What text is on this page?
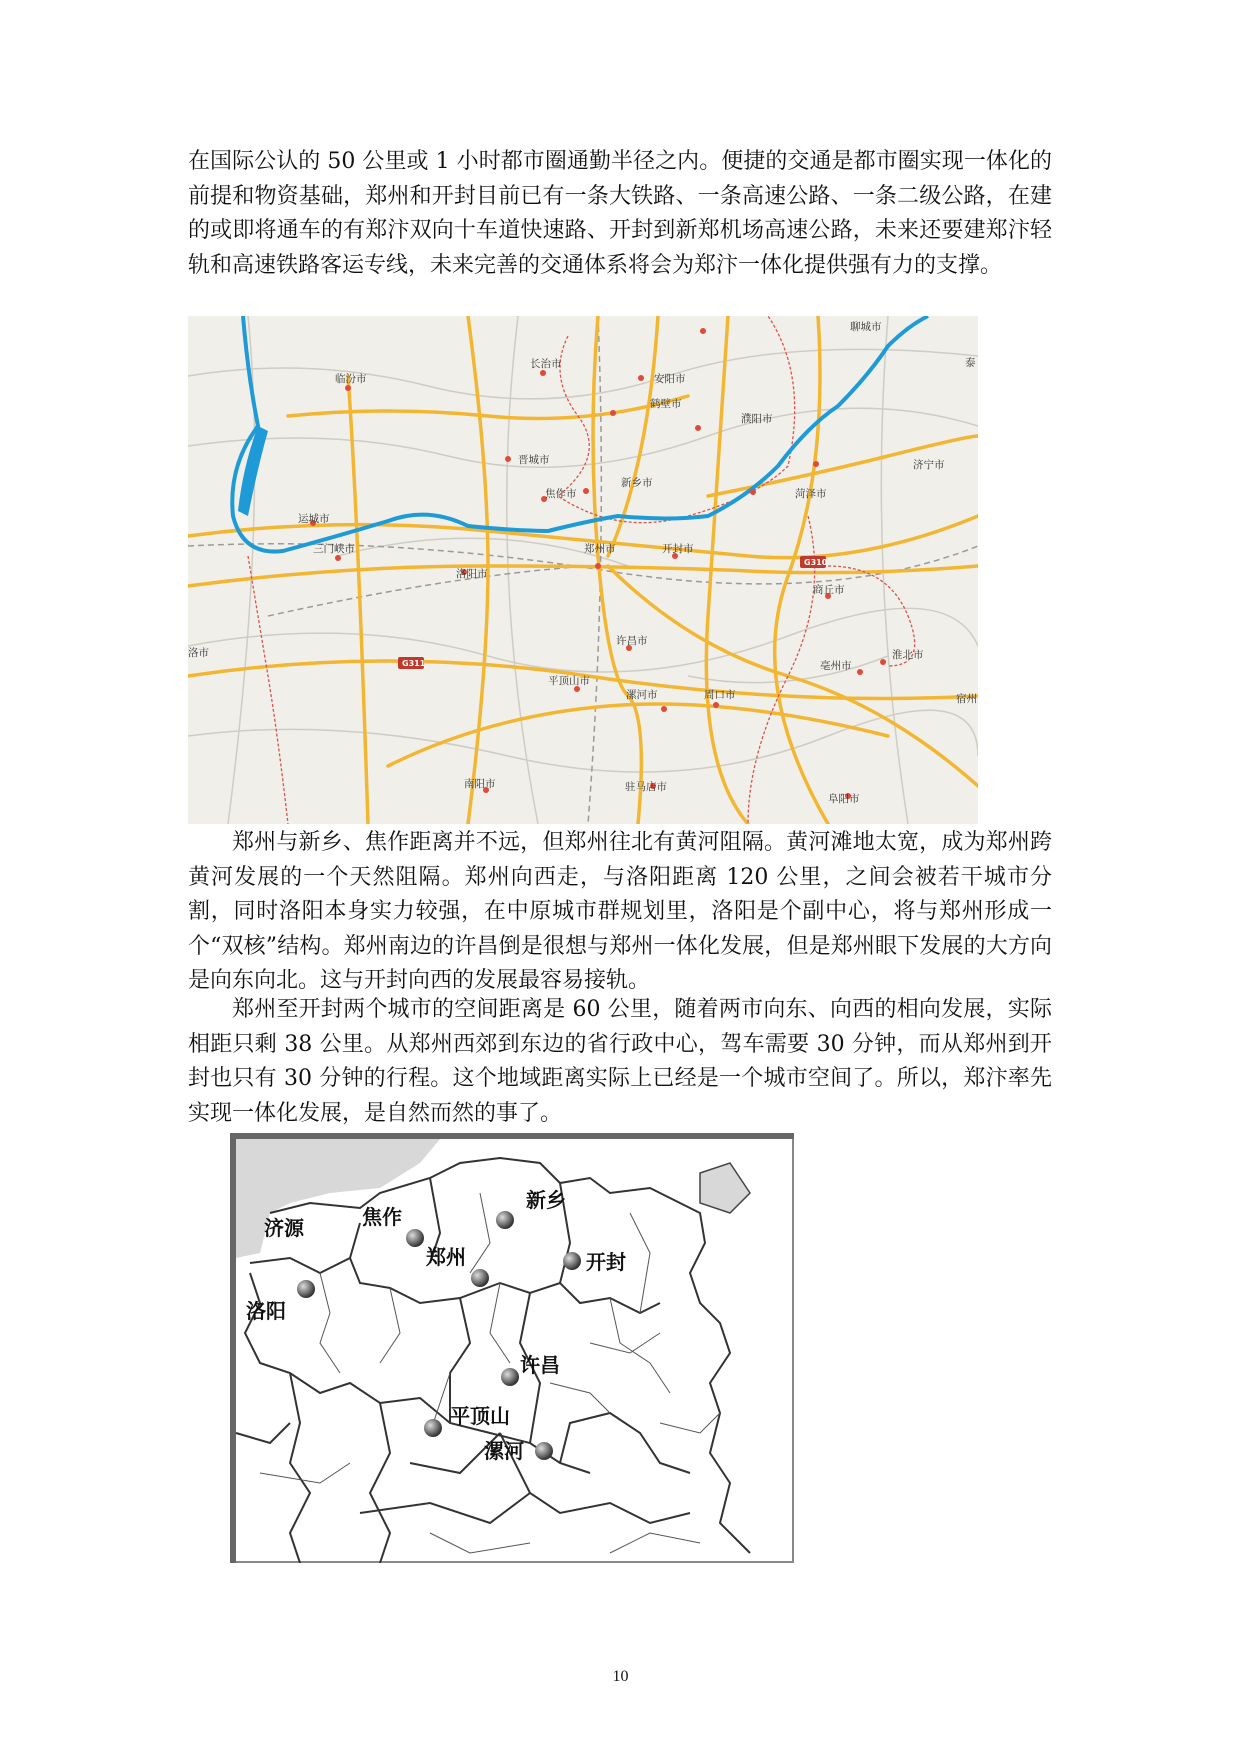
在国际公认的 50 公里或 1 小时都市圈通勤半径之内。便捷的交通是都市圈实现一体化的前提和物资基础，郑州和开封目前已有一条大铁路、一条高速公路、一条二级公路，在建的或即将通车的有郑汴双向十车道快速路、开封到新郑机场高速公路，未来还要建郑汴轻轨和高速铁路客运专线，未来完善的交通体系将会为郑汴一体化提供强有力的支撑。

G310
G311
临汾市
长治市
安阳市
聊城市
鹤壁市
濮阳市
晋城市	济宁市
新乡市
焦作市	菏泽市
运城市
三门峡市	郑州市	开封市
洛阳市
商丘市
许昌市
洛市	淮北市
亳州市
平顶山市
漯河市	周口市	宿州
南阳市	驻马店市
阜阳市
泰

郑州与新乡、焦作距离并不远，但郑州往北有黄河阻隔。黄河滩地太宽，成为郑州跨黄河发展的一个天然阻隔。郑州向西走，与洛阳距离 120 公里，之间会被若干城市分割，同时洛阳本身实力较强，在中原城市群规划里，洛阳是个副中心，将与郑州形成一个“双核”结构。郑州南边的许昌倒是很想与郑州一体化发展，但是郑州眼下发展的大方向是向东向北。这与开封向西的发展最容易接轨。

郑州至开封两个城市的空间距离是 60 公里，随着两市向东、向西的相向发展，实际相距只剩 38 公里。从郑州西郊到东边的省行政中心，驾车需要 30 分钟，而从郑州到开封也只有 30 分钟的行程。这个地域距离实际上已经是一个城市空间了。所以，郑汴率先实现一体化发展，是自然而然的事了。

济源	焦作
新乡
郑州	开封
洛阳
许昌
平顶山
漯河
10
